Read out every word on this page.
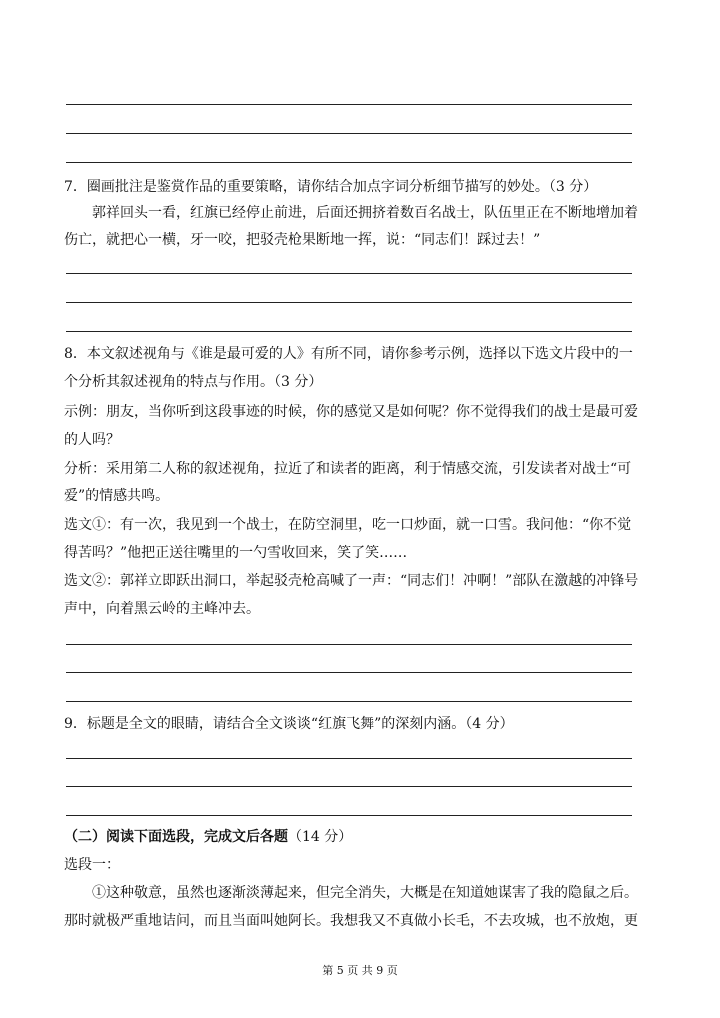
7．圈画批注是鉴赏作品的重要策略，请你结合加点字词分析细节描写的妙处。（3 分）
郭祥回头一看，红旗已经停止前进，后面还拥挤着数百名战士，队伍里正在不断地增加着
伤亡，就把心一横，牙一咬，把驳壳枪果断地一挥，说：“同志们！踩过去！”
8．本文叙述视角与《谁是最可爱的人》有所不同，请你参考示例，选择以下选文片段中的一
个分析其叙述视角的特点与作用。（3 分）
示例：朋友，当你听到这段事迹的时候，你的感觉又是如何呢？你不觉得我们的战士是最可爱
的人吗？
分析：采用第二人称的叙述视角，拉近了和读者的距离，利于情感交流，引发读者对战士“可
爱”的情感共鸣。
选文①：有一次，我见到一个战士，在防空洞里，吃一口炒面，就一口雪。我问他：“你不觉
得苦吗？”他把正送往嘴里的一勺雪收回来，笑了笑……
选文②：郭祥立即跃出洞口，举起驳壳枪高喊了一声：“同志们！冲啊！”部队在激越的冲锋号
声中，向着黑云岭的主峰冲去。
9．标题是全文的眼睛，请结合全文谈谈“红旗飞舞”的深刻内涵。（4 分）
（二）阅读下面选段，完成文后各题（14 分）
选段一：
①这种敬意，虽然也逐渐淡薄起来，但完全消失，大概是在知道她谋害了我的隐鼠之后。
那时就极严重地诘问，而且当面叫她阿长。我想我又不真做小长毛，不去攻城，也不放炮，更
第 5 页 共 9 页
